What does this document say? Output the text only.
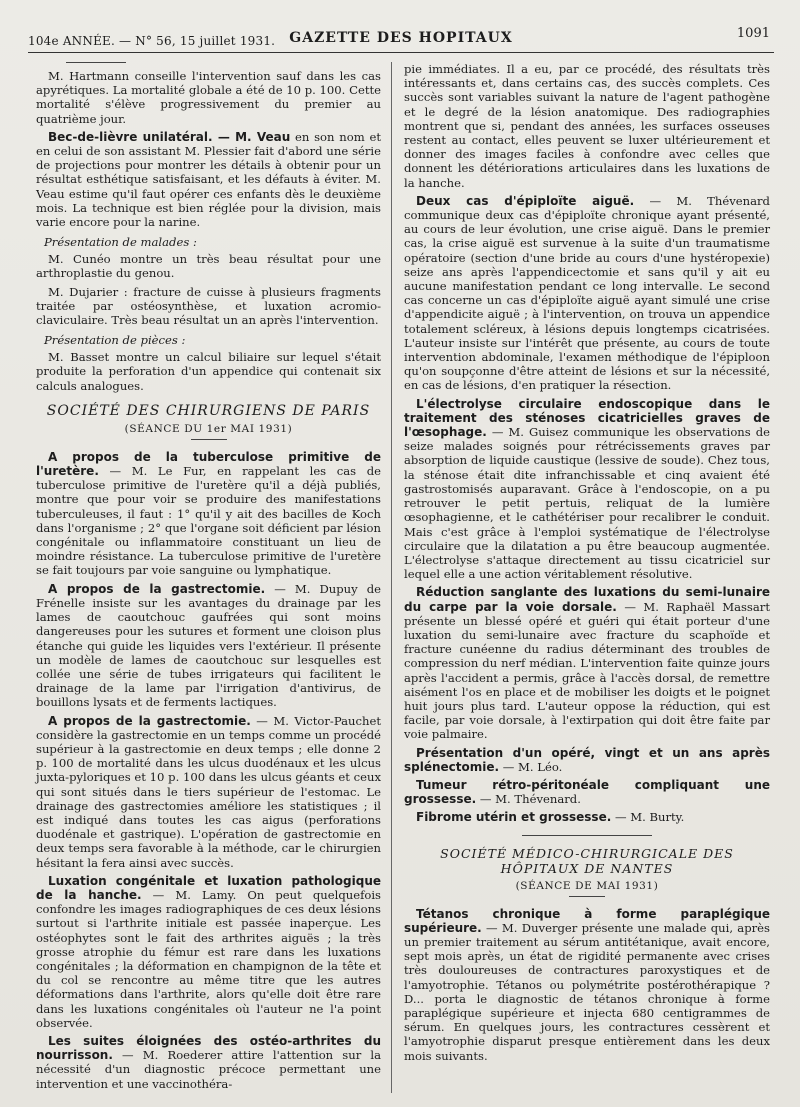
104e ANNÉE. — N° 56, 15 juillet 1931.	GAZETTE DES HOPITAUX	1091

M. Hartmann conseille l'intervention sauf dans les cas apyrétiques. La mortalité globale a été de 10 p. 100. Cette mortalité s'élève progressivement du premier au quatrième jour.

Bec-de-lièvre unilatéral. — M. Veau en son nom et en celui de son assistant M. Plessier fait d'abord une série de projections pour montrer les détails à obtenir pour un résultat esthétique satisfaisant, et les défauts à éviter. M. Veau estime qu'il faut opérer ces enfants dès le deuxième mois. La technique est bien réglée pour la division, mais varie encore pour la narine.

Présentation de malades :

M. Cunéo montre un très beau résultat pour une arthroplastie du genou.

M. Dujarier : fracture de cuisse à plusieurs fragments traitée par ostéosynthèse, et luxation acromio-claviculaire. Très beau résultat un an après l'intervention.

Présentation de pièces :

M. Basset montre un calcul biliaire sur lequel s'était produite la perforation d'un appendice qui contenait six calculs analogues.

SOCIÉTÉ DES CHIRURGIENS DE PARIS
(SÉANCE DU 1er MAI 1931)

A propos de la tuberculose primitive de l'uretère. — M. Le Fur, en rappelant les cas de tuberculose primitive de l'uretère qu'il a déjà publiés, montre que pour voir se produire des manifestations tuberculeuses, il faut : 1° qu'il y ait des bacilles de Koch dans l'organisme ; 2° que l'organe soit déficient par lésion congénitale ou inflammatoire constituant un lieu de moindre résistance. La tuberculose primitive de l'uretère se fait toujours par voie sanguine ou lymphatique.

A propos de la gastrectomie. — M. Dupuy de Frénelle insiste sur les avantages du drainage par les lames de caoutchouc gaufrées qui sont moins dangereuses pour les sutures et forment une cloison plus étanche qui guide les liquides vers l'extérieur. Il présente un modèle de lames de caoutchouc sur lesquelles est collée une série de tubes irrigateurs qui facilitent le drainage de la lame par l'irrigation d'antivirus, de bouillons lysats et de ferments lactiques.

A propos de la gastrectomie. — M. Victor-Pauchet considère la gastrectomie en un temps comme un procédé supérieur à la gastrectomie en deux temps ; elle donne 2 p. 100 de mortalité dans les ulcus duodénaux et les ulcus juxta-pyloriques et 10 p. 100 dans les ulcus géants et ceux qui sont situés dans le tiers supérieur de l'estomac. Le drainage des gastrectomies améliore les statistiques ; il est indiqué dans toutes les cas aigus (perforations duodénale et gastrique). L'opération de gastrectomie en deux temps sera favorable à la méthode, car le chirurgien hésitant la fera ainsi avec succès.

Luxation congénitale et luxation pathologique de la hanche. — M. Lamy. On peut quelquefois confondre les images radiographiques de ces deux lésions surtout si l'arthrite initiale est passée inaperçue. Les ostéophytes sont le fait des arthrites aiguës ; la très grosse atrophie du fémur est rare dans les luxations congénitales ; la déformation en champignon de la tête et du col se rencontre au même titre que les autres déformations dans l'arthrite, alors qu'elle doit être rare dans les luxations congénitales où l'auteur ne l'a point observée.

Les suites éloignées des ostéo-arthrites du nourrisson. — M. Roederer attire l'attention sur la nécessité d'un diagnostic précoce permettant une intervention et une vaccinothéra-

pie immédiates. Il a eu, par ce procédé, des résultats très intéressants et, dans certains cas, des succès complets. Ces succès sont variables suivant la nature de l'agent pathogène et le degré de la lésion anatomique. Des radiographies montrent que si, pendant des années, les surfaces osseuses restent au contact, elles peuvent se luxer ultérieurement et donner des images faciles à confondre avec celles que donnent les détériorations articulaires dans les luxations de la hanche.

Deux cas d'épiploïte aiguë. — M. Thévenard communique deux cas d'épiploïte chronique ayant présenté, au cours de leur évolution, une crise aiguë. Dans le premier cas, la crise aiguë est survenue à la suite d'un traumatisme opératoire (section d'une bride au cours d'une hystéropexie) seize ans après l'appendicectomie et sans qu'il y ait eu aucune manifestation pendant ce long intervalle. Le second cas concerne un cas d'épiploïte aiguë ayant simulé une crise d'appendicite aiguë ; à l'intervention, on trouva un appendice totalement scléreux, à lésions depuis longtemps cicatrisées. L'auteur insiste sur l'intérêt que présente, au cours de toute intervention abdominale, l'examen méthodique de l'épiploon qu'on soupçonne d'être atteint de lésions et sur la nécessité, en cas de lésions, d'en pratiquer la résection.

L'électrolyse circulaire endoscopique dans le traitement des sténoses cicatricielles graves de l'œsophage. — M. Guisez communique les observations de seize malades soignés pour rétrécissements graves par absorption de liquide caustique (lessive de soude). Chez tous, la sténose était dite infranchissable et cinq avaient été gastrostomisés auparavant. Grâce à l'endoscopie, on a pu retrouver le petit pertuis, reliquat de la lumière œsophagienne, et le cathétériser pour recalibrer le conduit. Mais c'est grâce à l'emploi systématique de l'électrolyse circulaire que la dilatation a pu être beaucoup augmentée. L'électrolyse s'attaque directement au tissu cicatriciel sur lequel elle a une action véritablement résolutive.

Réduction sanglante des luxations du semi-lunaire du carpe par la voie dorsale. — M. Raphaël Massart présente un blessé opéré et guéri qui était porteur d'une luxation du semi-lunaire avec fracture du scaphoïde et fracture cunéenne du radius déterminant des troubles de compression du nerf médian. L'intervention faite quinze jours après l'accident a permis, grâce à l'accès dorsal, de remettre aisément l'os en place et de mobiliser les doigts et le poignet huit jours plus tard. L'auteur oppose la réduction, qui est facile, par voie dorsale, à l'extirpation qui doit être faite par voie palmaire.

Présentation d'un opéré, vingt et un ans après splénectomie. — M. Léo.

Tumeur rétro-péritonéale compliquant une grossesse. — M. Thévenard.

Fibrome utérin et grossesse. — M. Burty.

SOCIÉTÉ MÉDICO-CHIRURGICALE DES HÔPITAUX DE NANTES
(SÉANCE DE MAI 1931)

Tétanos chronique à forme paraplégique supérieure. — M. Duverger présente une malade qui, après un premier traitement au sérum antitétanique, avait encore, sept mois après, un état de rigidité permanente avec crises très douloureuses de contractures paroxystiques et de l'amyotrophie. Tétanos ou polymétrite postérothérapique ? D... porta le diagnostic de tétanos chronique à forme paraplégique supérieure et injecta 680 centigrammes de sérum. En quelques jours, les contractures cessèrent et l'amyotrophie disparut presque entièrement dans les deux mois suivants.
